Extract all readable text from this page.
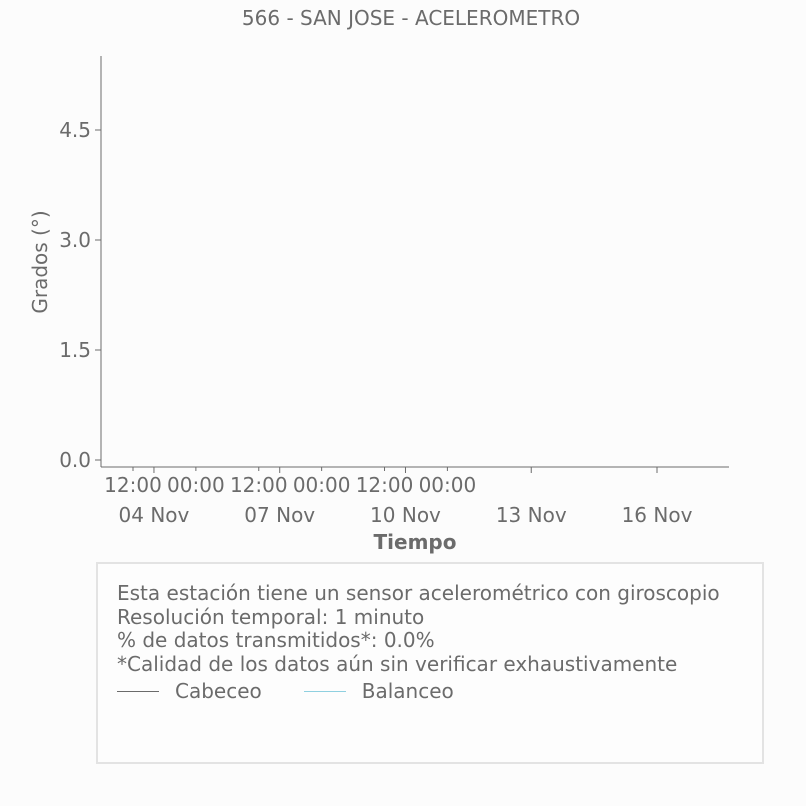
566 - SAN JOSE - ACELEROMETRO
0.0
1.5
3.0
4.5
12:00 00:00 12:00 00:00 12:00 00:00
04 Nov	07 Nov	10 Nov	13 Nov	16 Nov
Grados (°)
Tiempo
Esta estación tiene un sensor acelerométrico con giroscopio
Resolución temporal: 1 minuto
% de datos transmitidos*: 0.0%
*Calidad de los datos aún sin verificar exhaustivamente
Cabeceo	Balanceo
